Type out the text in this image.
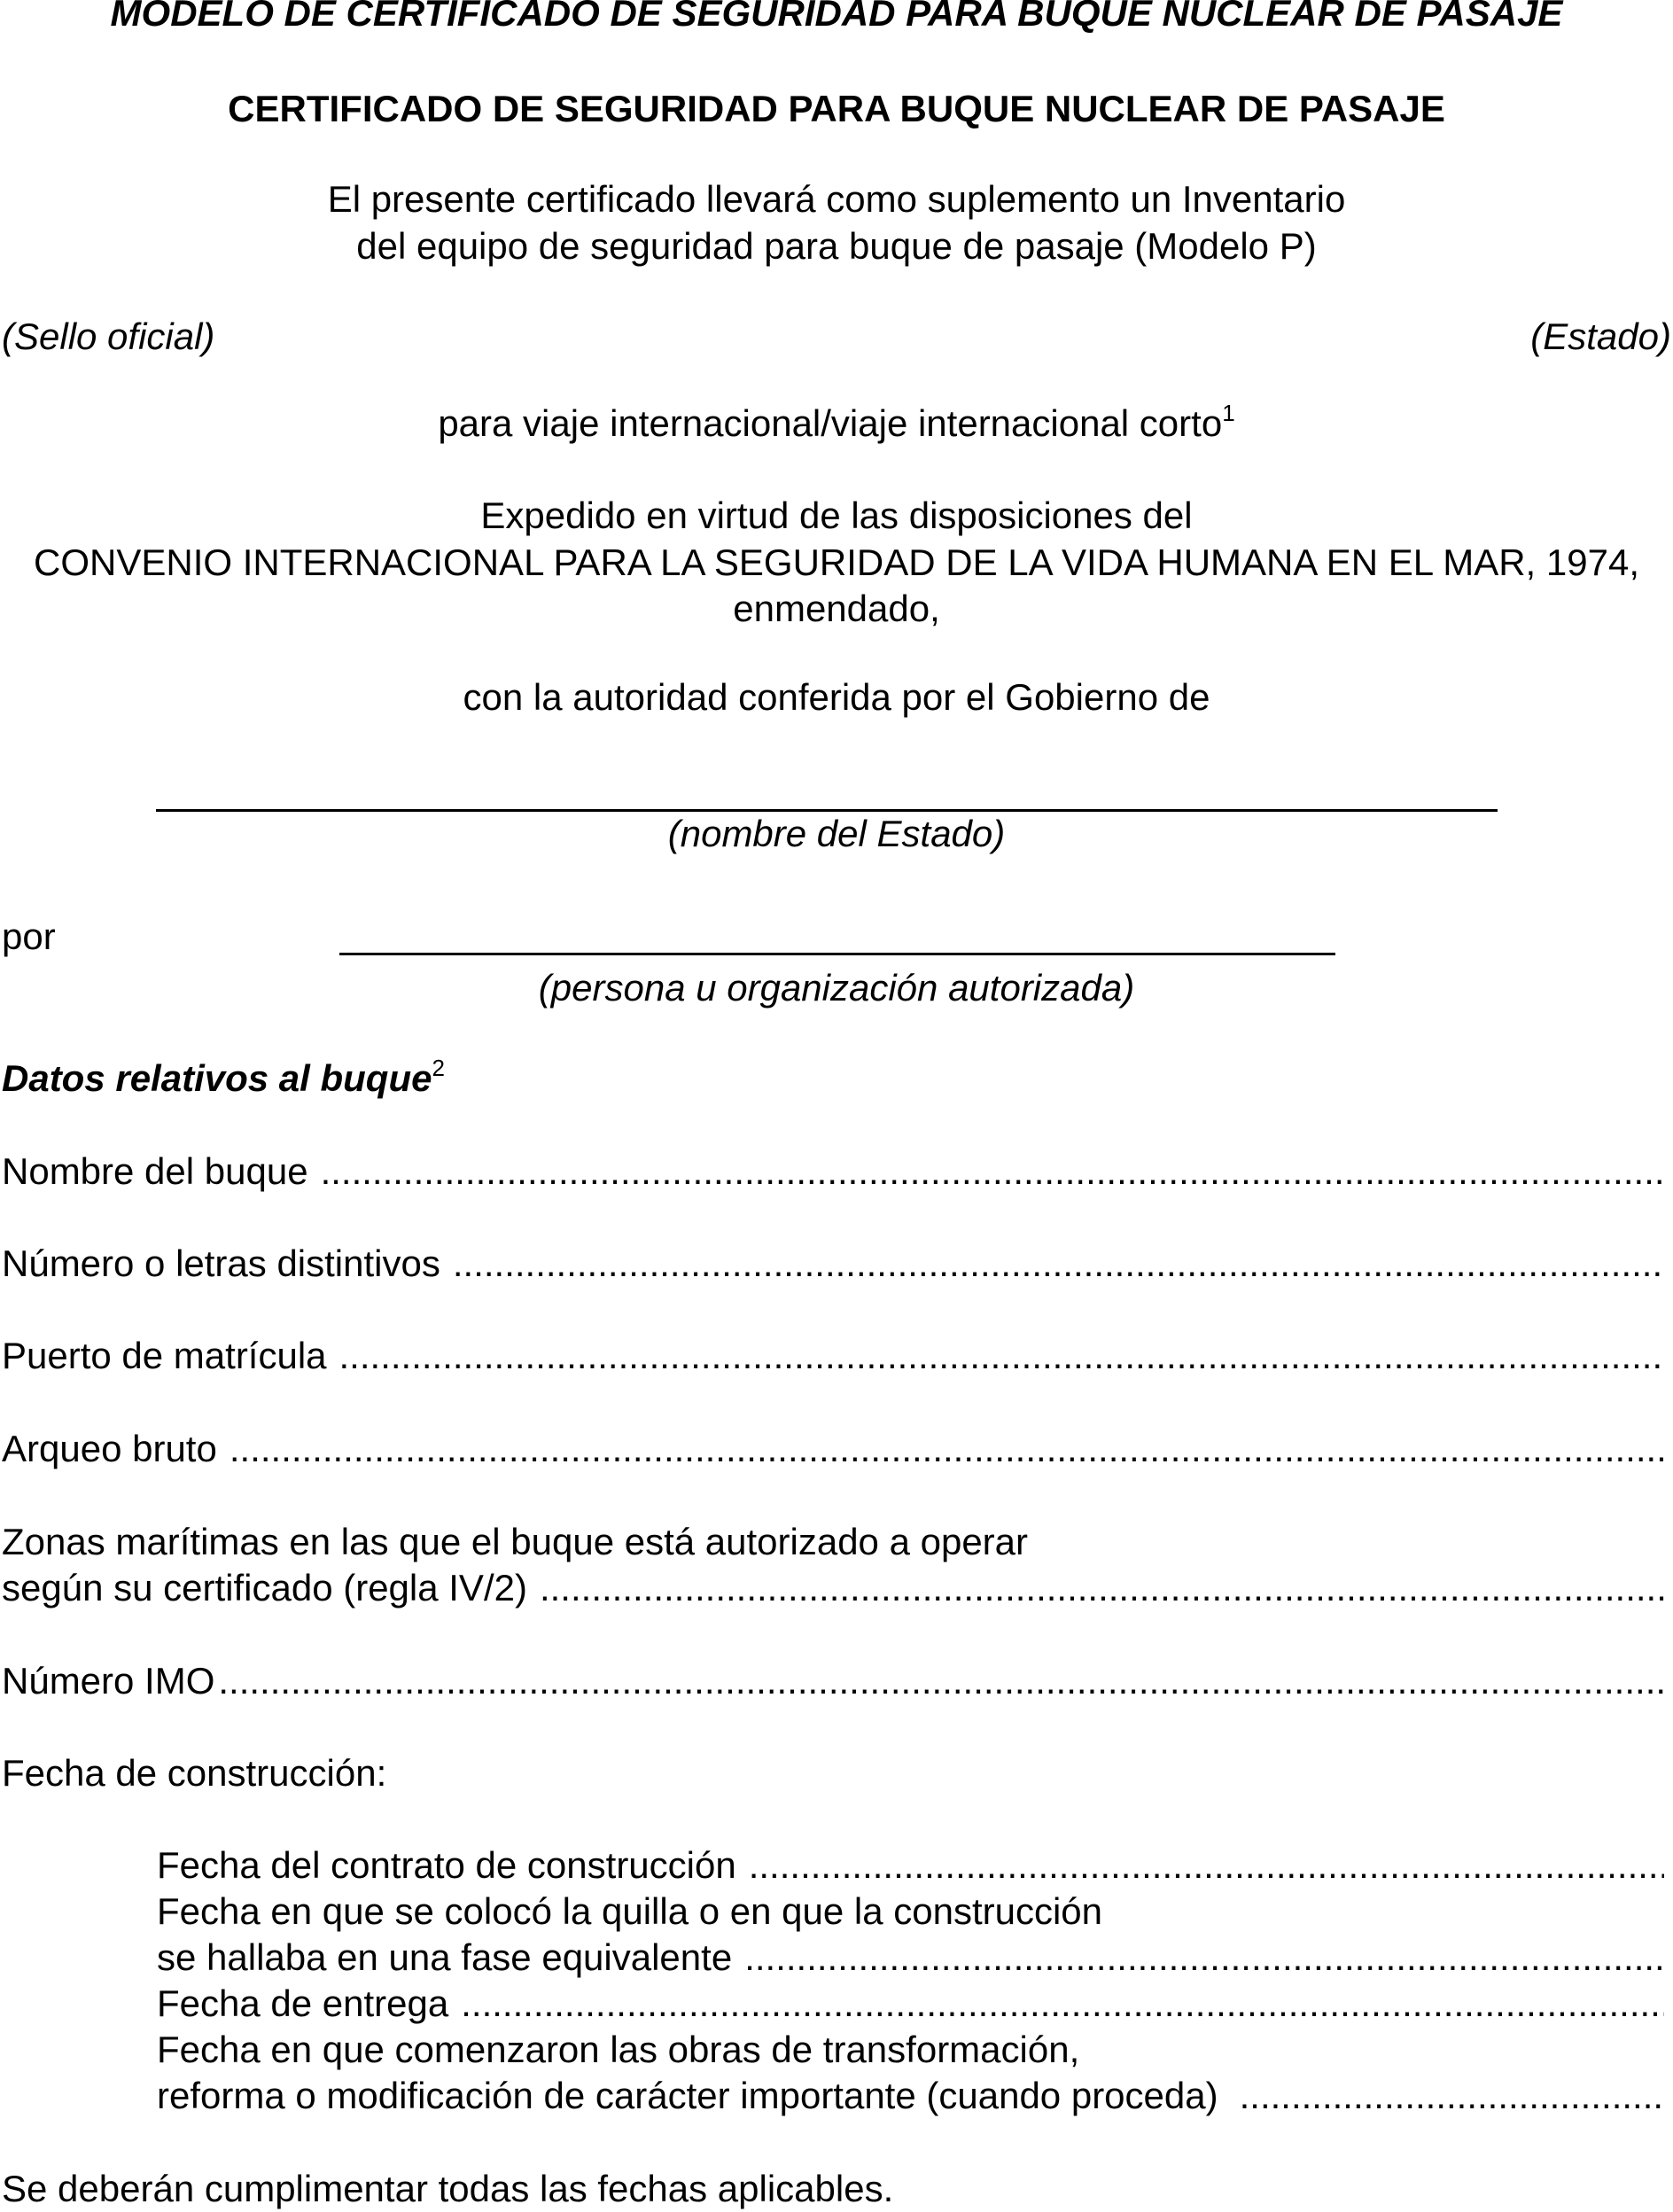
MODELO DE CERTIFICADO DE SEGURIDAD PARA BUQUE NUCLEAR DE PASAJE
CERTIFICADO DE SEGURIDAD PARA BUQUE NUCLEAR DE PASAJE
El presente certificado llevará como suplemento un Inventario
del equipo de seguridad para buque de pasaje (Modelo P)
(Sello oficial)	(Estado)
para viaje internacional/viaje internacional corto$^1$
Expedido en virtud de las disposiciones del
CONVENIO INTERNACIONAL PARA LA SEGURIDAD DE LA VIDA HUMANA EN EL MAR, 1974,
enmendado,
con la autoridad conferida por el Gobierno de
(nombre del Estado)
por
(persona u organización autorizada)
Datos relativos al buque$^2$
Nombre del buque
.....
Número o letras distintivos
.....
Puerto de matrícula
.....
Arqueo bruto
.....
Zonas marítimas en las que el buque está autorizado a operar
según su certificado (regla IV/2)
.....
Número IMO
.....
Fecha de construcción:
Fecha del contrato de construcción
.....
Fecha en que se colocó la quilla o en que la construcción
se hallaba en una fase equivalente
.....
Fecha de entrega
.....
Fecha en que comenzaron las obras de transformación,
reforma o modificación de carácter importante (cuando proceda)
.....
Se deberán cumplimentar todas las fechas aplicables.
